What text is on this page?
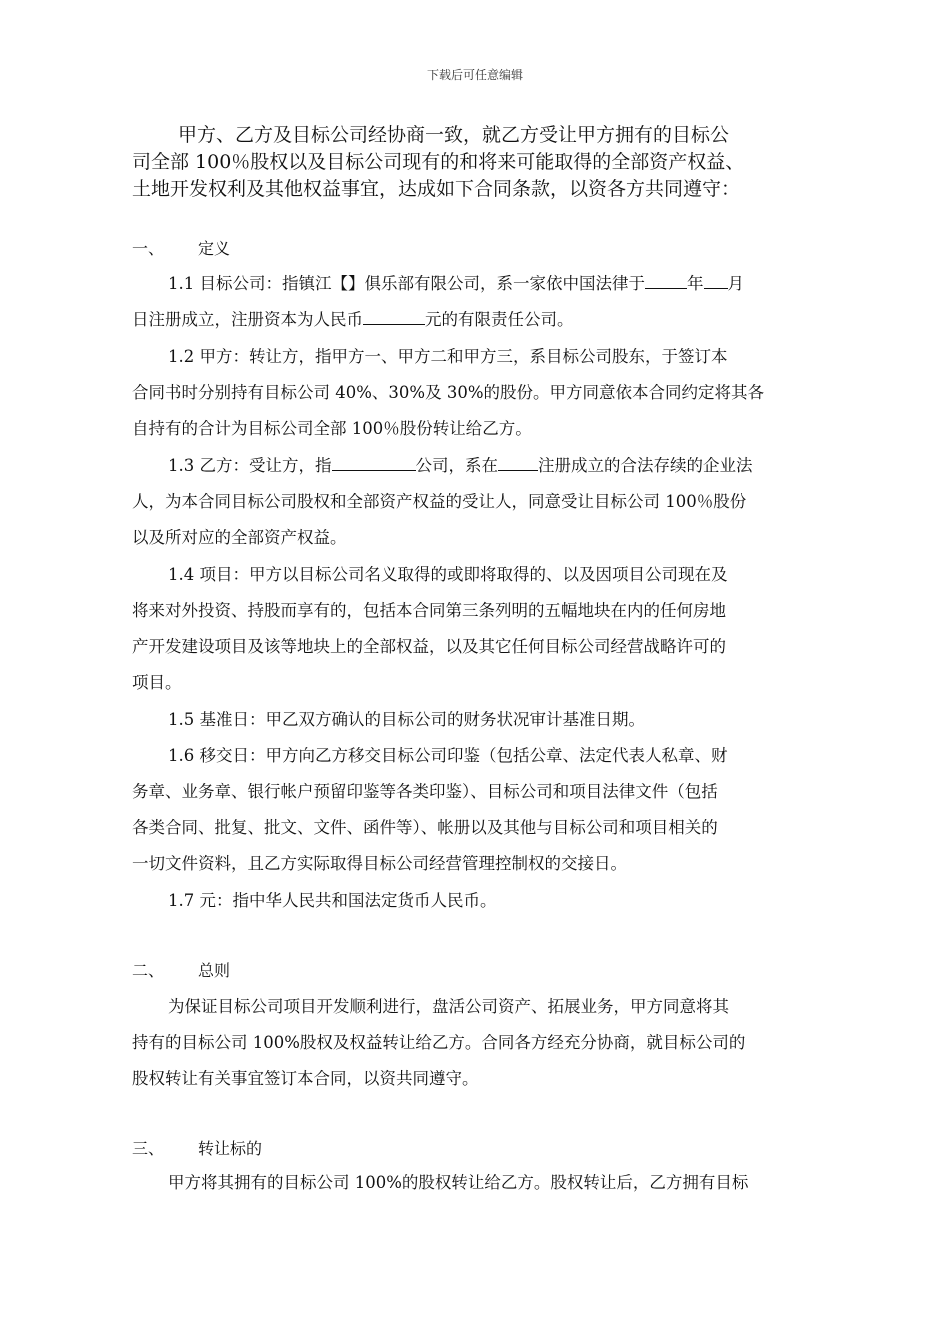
下载后可任意编辑
甲方、乙方及目标公司经协商一致，就乙方受让甲方拥有的目标公
司全部 100％股权以及目标公司现有的和将来可能取得的全部资产权益、
土地开发权利及其他权益事宜，达成如下合同条款，以资各方共同遵守：
一、 定义
1.1 目标公司：指镇江【】俱乐部有限公司，系一家依中国法律于	年 月
日注册成立，注册资本为人民币	元的有限责任公司。
1.2 甲方：转让方，指甲方一、甲方二和甲方三，系目标公司股东，于签订本
合同书时分别持有目标公司 40%、30%及 30%的股份。甲方同意依本合同约定将其各
自持有的合计为目标公司全部 100％股份转让给乙方。
1.3 乙方：受让方，指	公司，系在 注册成立的合法存续的企业法
人，为本合同目标公司股权和全部资产权益的受让人，同意受让目标公司 100％股份
以及所对应的全部资产权益。
1.4 项目：甲方以目标公司名义取得的或即将取得的、以及因项目公司现在及
将来对外投资、持股而享有的，包括本合同第三条列明的五幅地块在内的任何房地
产开发建设项目及该等地块上的全部权益，以及其它任何目标公司经营战略许可的
项目。
1.5 基准日：甲乙双方确认的目标公司的财务状况审计基准日期。
1.6 移交日：甲方向乙方移交目标公司印鉴（包括公章、法定代表人私章、财
务章、业务章、银行帐户预留印鉴等各类印鉴）、目标公司和项目法律文件（包括
各类合同、批复、批文、文件、函件等）、帐册以及其他与目标公司和项目相关的
一切文件资料，且乙方实际取得目标公司经营管理控制权的交接日。
1.7 元：指中华人民共和国法定货币人民币。
二、 总则
为保证目标公司项目开发顺利进行，盘活公司资产、拓展业务，甲方同意将其
持有的目标公司 100%股权及权益转让给乙方。合同各方经充分协商，就目标公司的
股权转让有关事宜签订本合同，以资共同遵守。
三、 转让标的
甲方将其拥有的目标公司 100%的股权转让给乙方。股权转让后，乙方拥有目标
